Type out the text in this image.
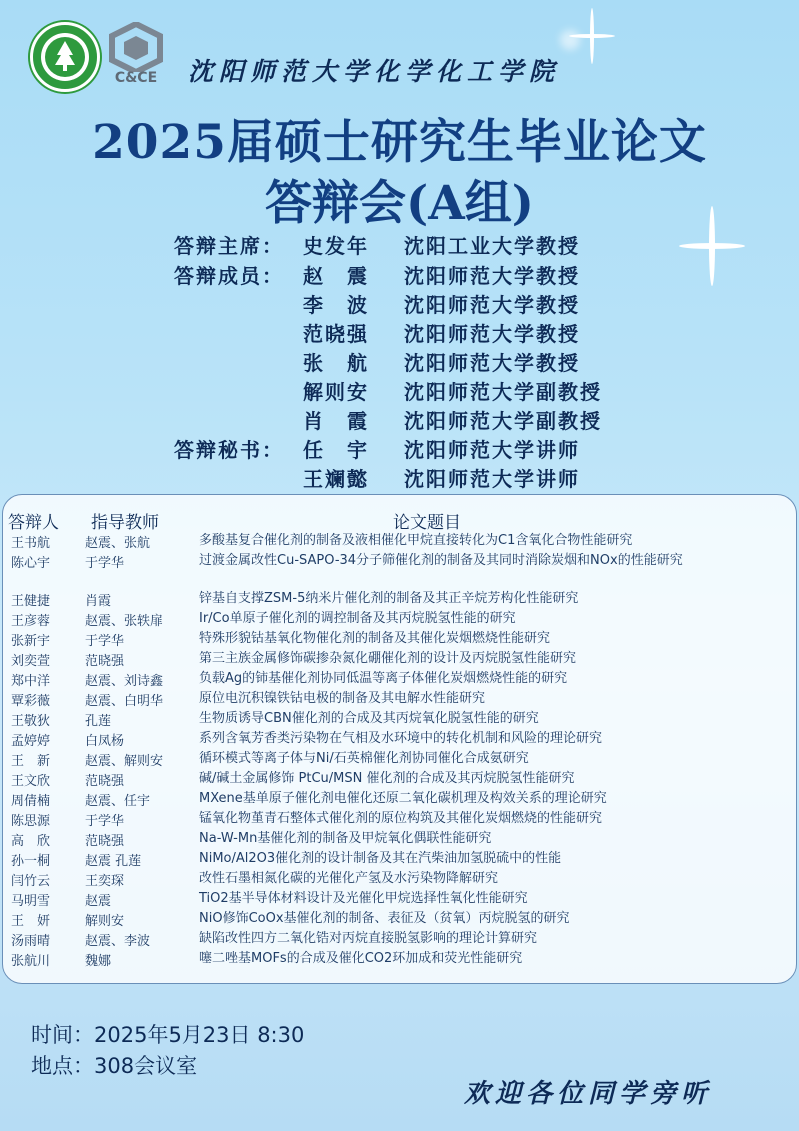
C&CE 沈阳师范大学化学化工学院
2025届硕士研究生毕业论文
答辩会(A组)
答辩主席： 史发年 沈阳工业大学教授
答辩成员： 赵　震 沈阳师范大学教授
李　波 沈阳师范大学教授
范晓强 沈阳师范大学教授
张　航 沈阳师范大学教授
解则安 沈阳师范大学副教授
肖　霞 沈阳师范大学副教授
答辩秘书： 任　宇 沈阳师范大学讲师
王斓懿 沈阳师范大学讲师
答辩人 指导教师	论文题目
王书航	赵震、张航	多酸基复合催化剂的制备及液相催化甲烷直接转化为C1含氧化合物性能研究
陈心宇	于学华	过渡金属改性Cu-SAPO-34分子筛催化剂的制备及其同时消除炭烟和NOx的性能研究
王健捷	肖霞	锌基自支撑ZSM-5纳米片催化剂的制备及其正辛烷芳构化性能研究
王彦蓉	赵震、张轶扉	Ir/Co单原子催化剂的调控制备及其丙烷脱氢性能的研究
张新宇	于学华	特殊形貌钴基氧化物催化剂的制备及其催化炭烟燃烧性能研究
刘奕萱	范晓强	第三主族金属修饰碳掺杂氮化硼催化剂的设计及丙烷脱氢性能研究
郑中洋	赵震、刘诗鑫	负载Ag的铈基催化剂协同低温等离子体催化炭烟燃烧性能的研究
覃彩薇	赵震、白明华	原位电沉积镍铁钴电极的制备及其电解水性能研究
王敬狄	孔莲	生物质诱导CBN催化剂的合成及其丙烷氧化脱氢性能的研究
孟婷婷	白凤杨	系列含氧芳香类污染物在气相及水环境中的转化机制和风险的理论研究
王　新	赵震、解则安	循环模式等离子体与Ni/石英棉催化剂协同催化合成氨研究
王文欣	范晓强	碱/碱土金属修饰 PtCu/MSN 催化剂的合成及其丙烷脱氢性能研究
周倩楠	赵震、任宇	MXene基单原子催化剂电催化还原二氧化碳机理及构效关系的理论研究
陈思源	于学华	锰氧化物堇青石整体式催化剂的原位构筑及其催化炭烟燃烧的性能研究
高　欣	范晓强	Na-W-Mn基催化剂的制备及甲烷氧化偶联性能研究
孙一桐	赵震 孔莲	NiMo/Al2O3催化剂的设计制备及其在汽柴油加氢脱硫中的性能
闫竹云	王奕琛	改性石墨相氮化碳的光催化产氢及水污染物降解研究
马明雪	赵震	TiO2基半导体材料设计及光催化甲烷选择性氧化性能研究
王　妍	解则安	NiO修饰CoOx基催化剂的制备、表征及（贫氧）丙烷脱氢的研究
汤雨晴	赵震、李波	缺陷改性四方二氧化锆对丙烷直接脱氢影响的理论计算研究
张航川	魏娜	噻二唑基MOFs的合成及催化CO2环加成和荧光性能研究
时间：2025年5月23日 8:30
地点：308会议室
欢迎各位同学旁听
